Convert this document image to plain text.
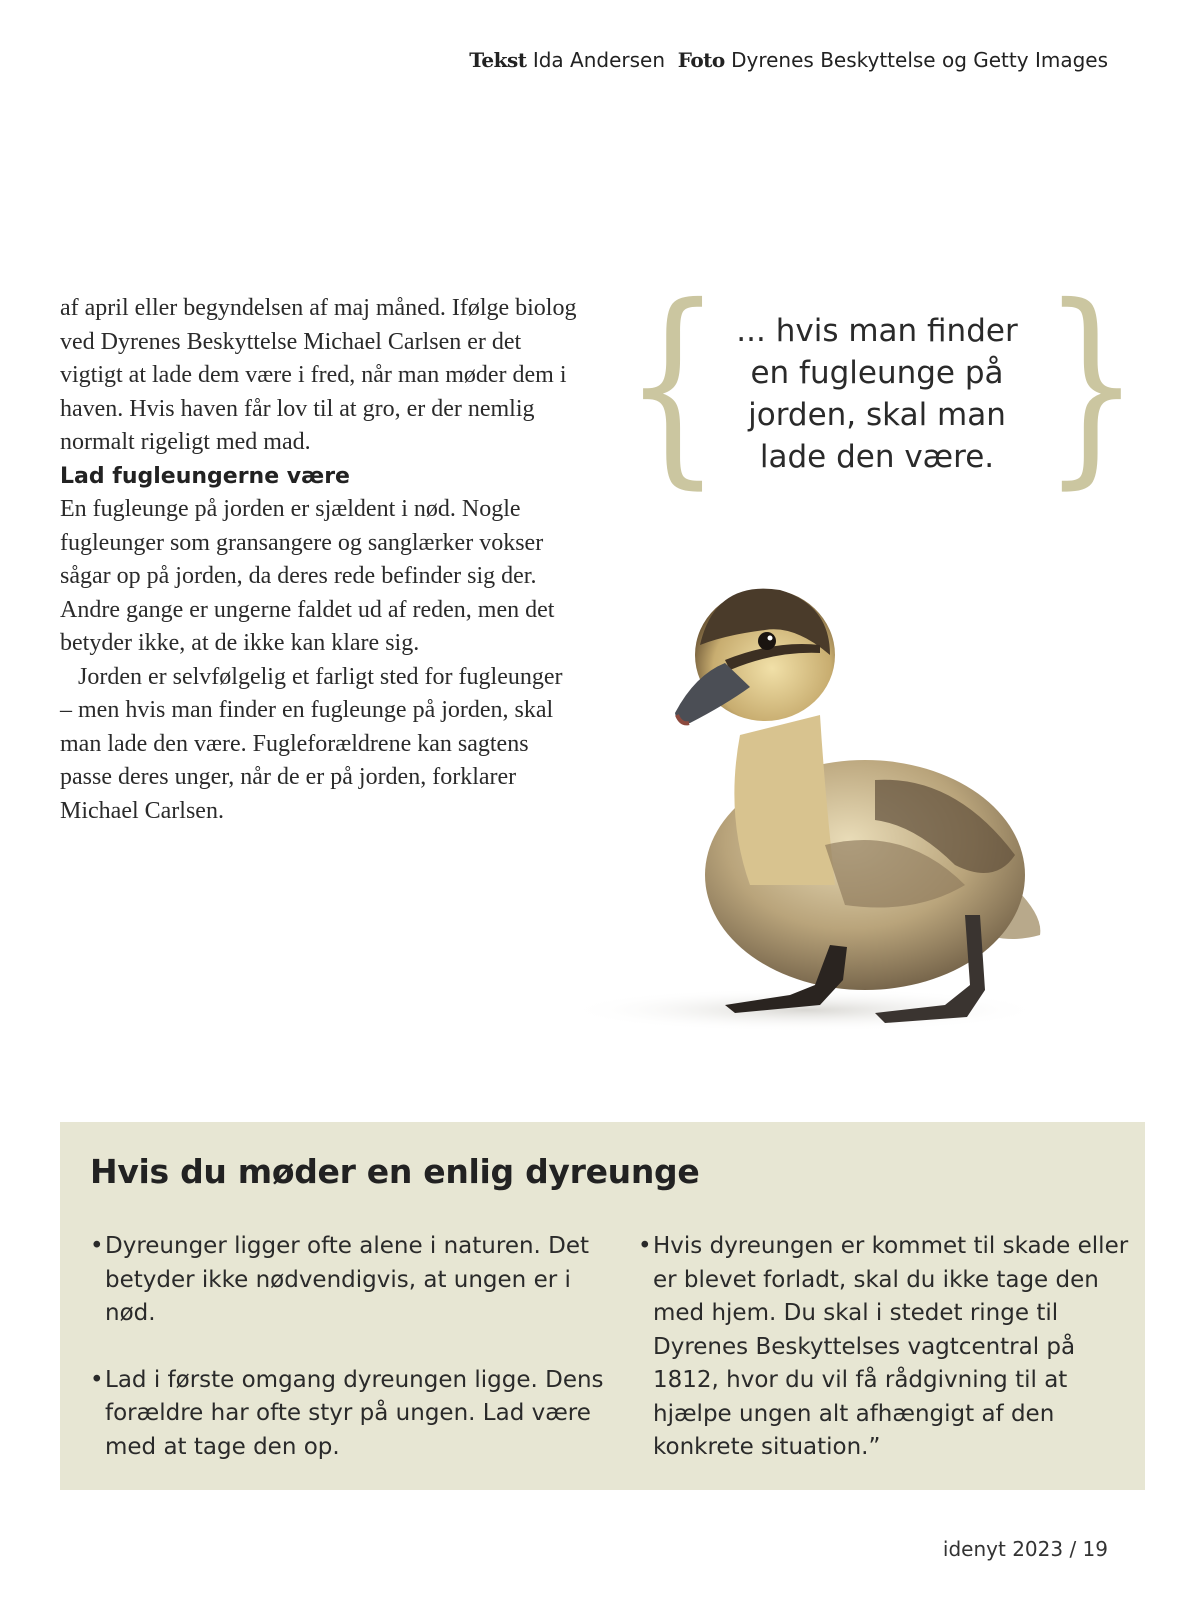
Tekst Ida Andersen Foto Dyrenes Beskyttelse og Getty Images

af april eller begyndelsen af maj måned. Ifølge biolog ved Dyrenes Beskyttelse Michael Carlsen er det vigtigt at lade dem være i fred, når man møder dem i haven. Hvis haven får lov til at gro, er der nemlig normalt rigeligt med mad.

Lad fugleungerne være

En fugleunge på jorden er sjældent i nød. Nogle fugleunger som gransangere og sanglærker vokser sågar op på jorden, da deres rede befinder sig der. Andre gange er ungerne faldet ud af reden, men det betyder ikke, at de ikke kan klare sig.

Jorden er selvfølgelig et farligt sted for fugleunger – men hvis man finder en fugleunge på jorden, skal man lade den være. Fugleforældrene kan sagtens passe deres unger, når de er på jorden, forklarer Michael Carlsen.

{ ... hvis man finder en fugleunge på jorden, skal man lade den være. }
Hvis du møder en enlig dyreunge
• Dyreunger ligger ofte alene i naturen. Det betyder ikke nødvendigvis, at ungen er i nød.
• Lad i første omgang dyreungen ligge. Dens forældre har ofte styr på ungen. Lad være med at tage den op.
• Hvis dyreungen er kommet til skade eller er blevet forladt, skal du ikke tage den med hjem. Du skal i stedet ringe til Dyrenes Beskyttelses vagtcentral på 1812, hvor du vil få rådgivning til at hjælpe ungen alt afhængigt af den konkrete situation.”
idenyt 2023 / 19
